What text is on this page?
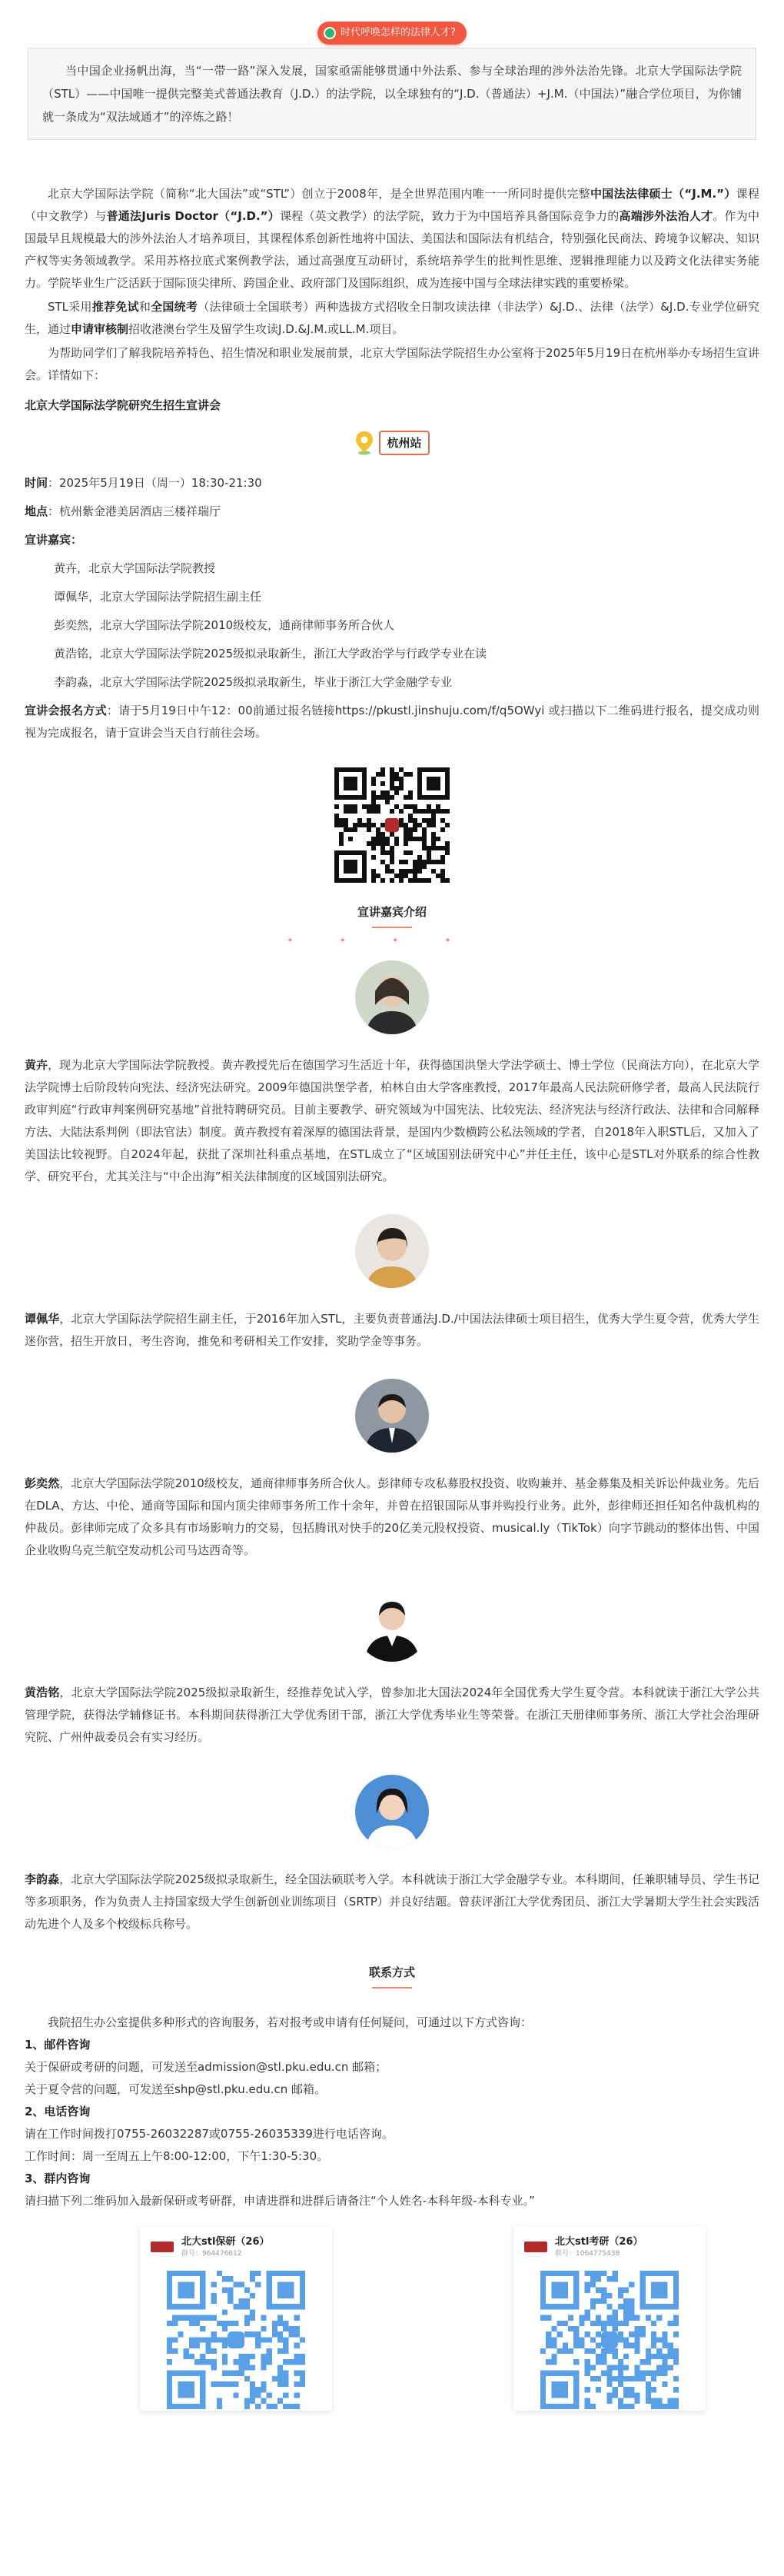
时代呼唤怎样的法律人才?

当中国企业扬帆出海，当“一带一路”深入发展，国家亟需能够贯通中外法系、参与全球治理的涉外法治先锋。北京大学国际法学院（STL）——中国唯一提供完整美式普通法教育（J.D.）的法学院，以全球独有的“J.D.（普通法）+J.M.（中国法）”融合学位项目，为你铺就一条成为“双法域通才”的淬炼之路！

北京大学国际法学院（简称“北大国法”或“STL”）创立于2008年，是全世界范围内唯一一所同时提供完整中国法法律硕士（“J.M.”）课程（中文教学）与普通法Juris Doctor（“J.D.”）课程（英文教学）的法学院，致力于为中国培养具备国际竞争力的高端涉外法治人才。作为中国最早且规模最大的涉外法治人才培养项目，其课程体系创新性地将中国法、美国法和国际法有机结合，特别强化民商法、跨境争议解决、知识产权等实务领域教学。采用苏格拉底式案例教学法，通过高强度互动研讨，系统培养学生的批判性思维、逻辑推理能力以及跨文化法律实务能力。学院毕业生广泛活跃于国际顶尖律所、跨国企业、政府部门及国际组织，成为连接中国与全球法律实践的重要桥梁。

STL采用推荐免试和全国统考（法律硕士全国联考）两种选拔方式招收全日制攻读法律（非法学）&J.D.、法律（法学）&J.D.专业学位研究生，通过申请审核制招收港澳台学生及留学生攻读J.D.&J.M.或LL.M.项目。

为帮助同学们了解我院培养特色、招生情况和职业发展前景，北京大学国际法学院招生办公室将于2025年5月19日在杭州举办专场招生宣讲会。详情如下：

北京大学国际法学院研究生招生宣讲会

杭州站

时间：2025年5月19日（周一）18:30-21:30

地点：杭州紫金港美居酒店三楼祥瑞厅

宣讲嘉宾：

黄卉，北京大学国际法学院教授
谭佩华，北京大学国际法学院招生副主任
彭奕然，北京大学国际法学院2010级校友，通商律师事务所合伙人
黄浩铭，北京大学国际法学院2025级拟录取新生，浙江大学政治学与行政学专业在读
李韵淼，北京大学国际法学院2025级拟录取新生，毕业于浙江大学金融学专业

宣讲会报名方式：请于5月19日中午12：00前通过报名链接https://pkustl.jinshuju.com/f/q5OWyi 或扫描以下二维码进行报名，提交成功则视为完成报名，请于宣讲会当天自行前往会场。

宣讲嘉宾介绍
✦✦✦✦

黄卉，现为北京大学国际法学院教授。黄卉教授先后在德国学习生活近十年，获得德国洪堡大学法学硕士、博士学位（民商法方向），在北京大学法学院博士后阶段转向宪法、经济宪法研究。2009年德国洪堡学者，柏林自由大学客座教授，2017年最高人民法院研修学者，最高人民法院行政审判庭“行政审判案例研究基地”首批特聘研究员。目前主要教学、研究领域为中国宪法、比较宪法、经济宪法与经济行政法、法律和合同解释方法、大陆法系判例（即法官法）制度。黄卉教授有着深厚的德国法背景，是国内少数横跨公私法领域的学者，自2018年入职STL后，又加入了美国法比较视野。自2024年起，获批了深圳社科重点基地，在STL成立了“区域国别法研究中心”并任主任，该中心是STL对外联系的综合性教学、研究平台，尤其关注与“中企出海”相关法律制度的区域国别法研究。

谭佩华，北京大学国际法学院招生副主任，于2016年加入STL，主要负责普通法J.D./中国法法律硕士项目招生，优秀大学生夏令营，优秀大学生迷你营，招生开放日，考生咨询，推免和考研相关工作安排，奖助学金等事务。

彭奕然，北京大学国际法学院2010级校友，通商律师事务所合伙人。彭律师专攻私募股权投资、收购兼并、基金募集及相关诉讼仲裁业务。先后在DLA、方达、中伦、通商等国际和国内顶尖律师事务所工作十余年，并曾在招银国际从事并购投行业务。此外，彭律师还担任知名仲裁机构的仲裁员。彭律师完成了众多具有市场影响力的交易，包括腾讯对快手的20亿美元股权投资、musical.ly（TikTok）向字节跳动的整体出售、中国企业收购乌克兰航空发动机公司马达西奇等。

黄浩铭，北京大学国际法学院2025级拟录取新生，经推荐免试入学，曾参加北大国法2024年全国优秀大学生夏令营。本科就读于浙江大学公共管理学院，获得法学辅修证书。本科期间获得浙江大学优秀团干部，浙江大学优秀毕业生等荣誉。在浙江天册律师事务所、浙江大学社会治理研究院、广州仲裁委员会有实习经历。

李韵淼，北京大学国际法学院2025级拟录取新生，经全国法硕联考入学。本科就读于浙江大学金融学专业。本科期间，任兼职辅导员、学生书记等多项职务，作为负责人主持国家级大学生创新创业训练项目（SRTP）并良好结题。曾获评浙江大学优秀团员、浙江大学暑期大学生社会实践活动先进个人及多个校级标兵称号。

联系方式

我院招生办公室提供多种形式的咨询服务，若对报考或申请有任何疑问，可通过以下方式咨询：

1、邮件咨询

关于保研或考研的问题，可发送至admission@stl.pku.edu.cn 邮箱；

关于夏令营的问题，可发送至shp@stl.pku.edu.cn 邮箱。

2、电话咨询

请在工作时间拨打0755-26032287或0755-26035339进行电话咨询。

工作时间：周一至周五上午8:00-12:00，下午1:30-5:30。

3、群内咨询

请扫描下列二维码加入最新保研或考研群，申请进群和进群后请备注“个人姓名-本科年级-本科专业。”

北大stl保研（26）
群号：964476612
北大stl考研（26）
群号：1064775438
